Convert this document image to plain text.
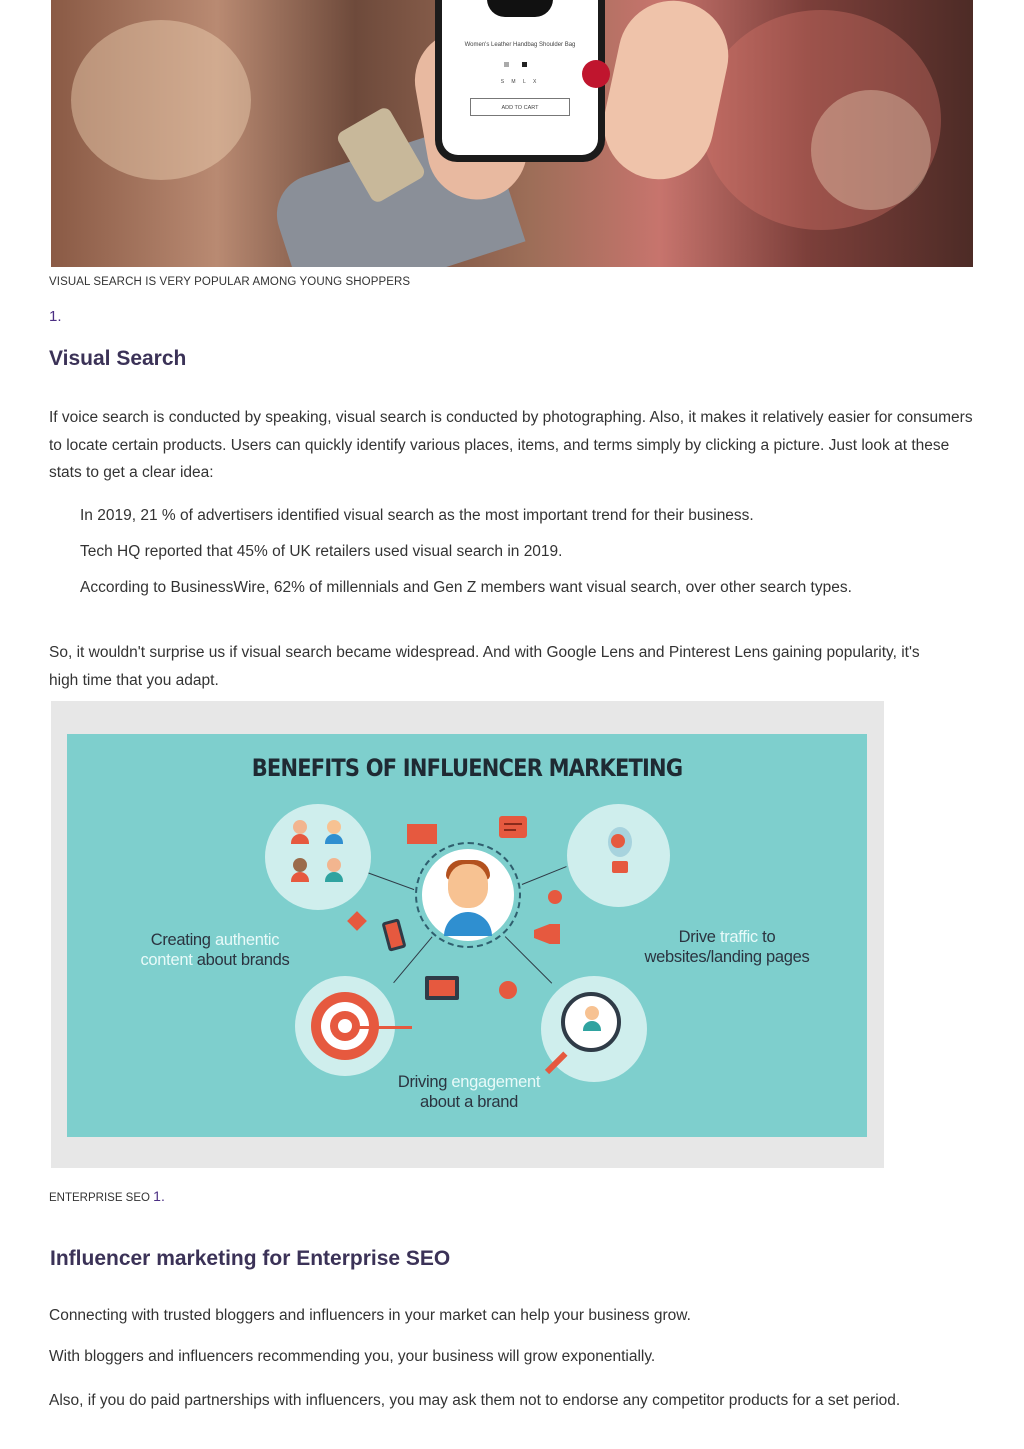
Women's Leather Handbag Shoulder Bag
S M L X
ADD TO CART
VISUAL SEARCH IS VERY POPULAR AMONG YOUNG SHOPPERS
1.
Visual Search
If voice search is conducted by speaking, visual search is conducted by photographing. Also, it makes it relatively easier for consumers to locate certain products. Users can quickly identify various places, items, and terms simply by clicking a picture. Just look at these stats to get a clear idea:
In 2019, 21 % of advertisers identified visual search as the most important trend for their business.
Tech HQ reported that 45% of UK retailers used visual search in 2019.
According to BusinessWire, 62% of millennials and Gen Z members want visual search, over other search types.
So, it wouldn't surprise us if visual search became widespread. And with Google Lens and Pinterest Lens gaining popularity, it's high time that you adapt.
BENEFITS OF INFLUENCER MARKETING
Creating authentic
content about brands
Drive traffic to
websites/landing pages
Driving engagement
about a brand
ENTERPRISE SEO 1.
Influencer marketing for Enterprise SEO
Connecting with trusted bloggers and influencers in your market can help your business grow.
With bloggers and influencers recommending you, your business will grow exponentially.
Also, if you do paid partnerships with influencers, you may ask them not to endorse any competitor products for a set period.
